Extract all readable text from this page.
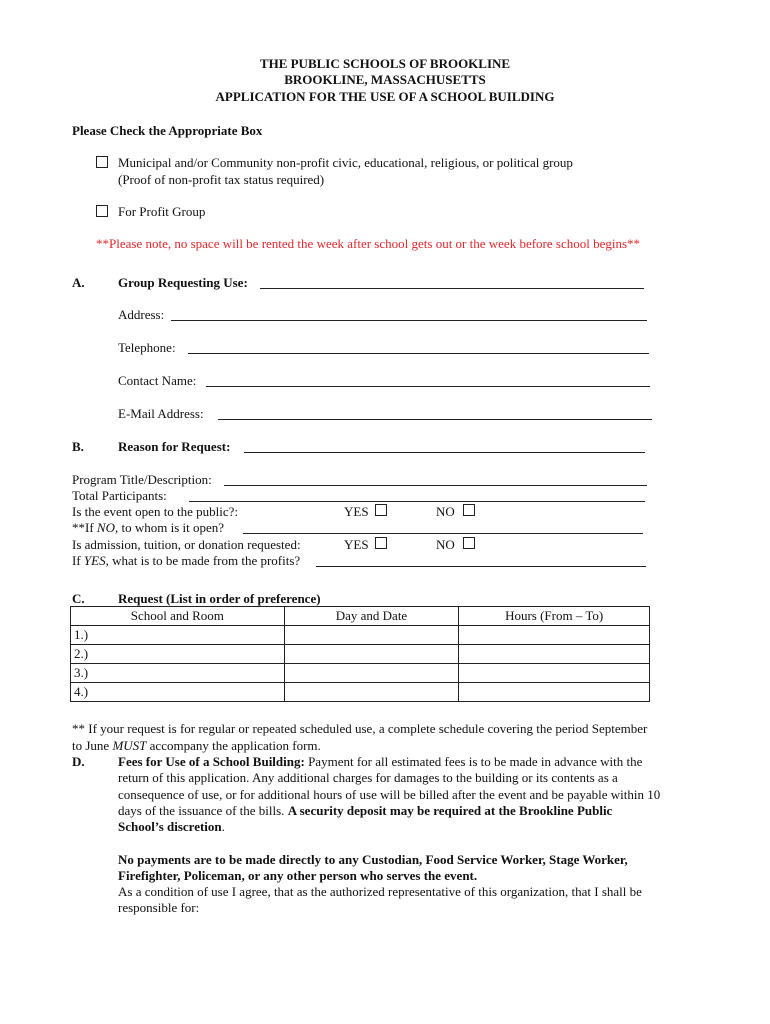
THE PUBLIC SCHOOLS OF BROOKLINE
BROOKLINE, MASSACHUSETTS
APPLICATION FOR THE USE OF A SCHOOL BUILDING
Please Check the Appropriate Box
Municipal and/or Community non-profit civic, educational, religious, or political group
(Proof of non-profit tax status required)
For Profit Group
**Please note, no space will be rented the week after school gets out or the week before school begins**
A.	Group Requesting Use:
Address:
Telephone:
Contact Name:
E-Mail Address:
B.	Reason for Request:
Program Title/Description:
Total Participants:
Is the event open to the public?:	YES	NO
**If NO, to whom is it open?
Is admission, tuition, or donation requested:	YES	NO
If YES, what is to be made from the profits?
C.	Request (List in order of preference)
School and Room	Day and Date	Hours (From – To)
1.)		
2.)		
3.)		
4.)		
** If your request is for regular or repeated scheduled use, a complete schedule covering the period September
to June MUST accompany the application form.
D.	Fees for Use of a School Building: Payment for all estimated fees is to be made in advance with the
return of this application. Any additional charges for damages to the building or its contents as a
consequence of use, or for additional hours of use will be billed after the event and be payable within 10
days of the issuance of the bills. A security deposit may be required at the Brookline Public
School’s discretion.
No payments are to be made directly to any Custodian, Food Service Worker, Stage Worker,
Firefighter, Policeman, or any other person who serves the event.
As a condition of use I agree, that as the authorized representative of this organization, that I shall be
responsible for:
